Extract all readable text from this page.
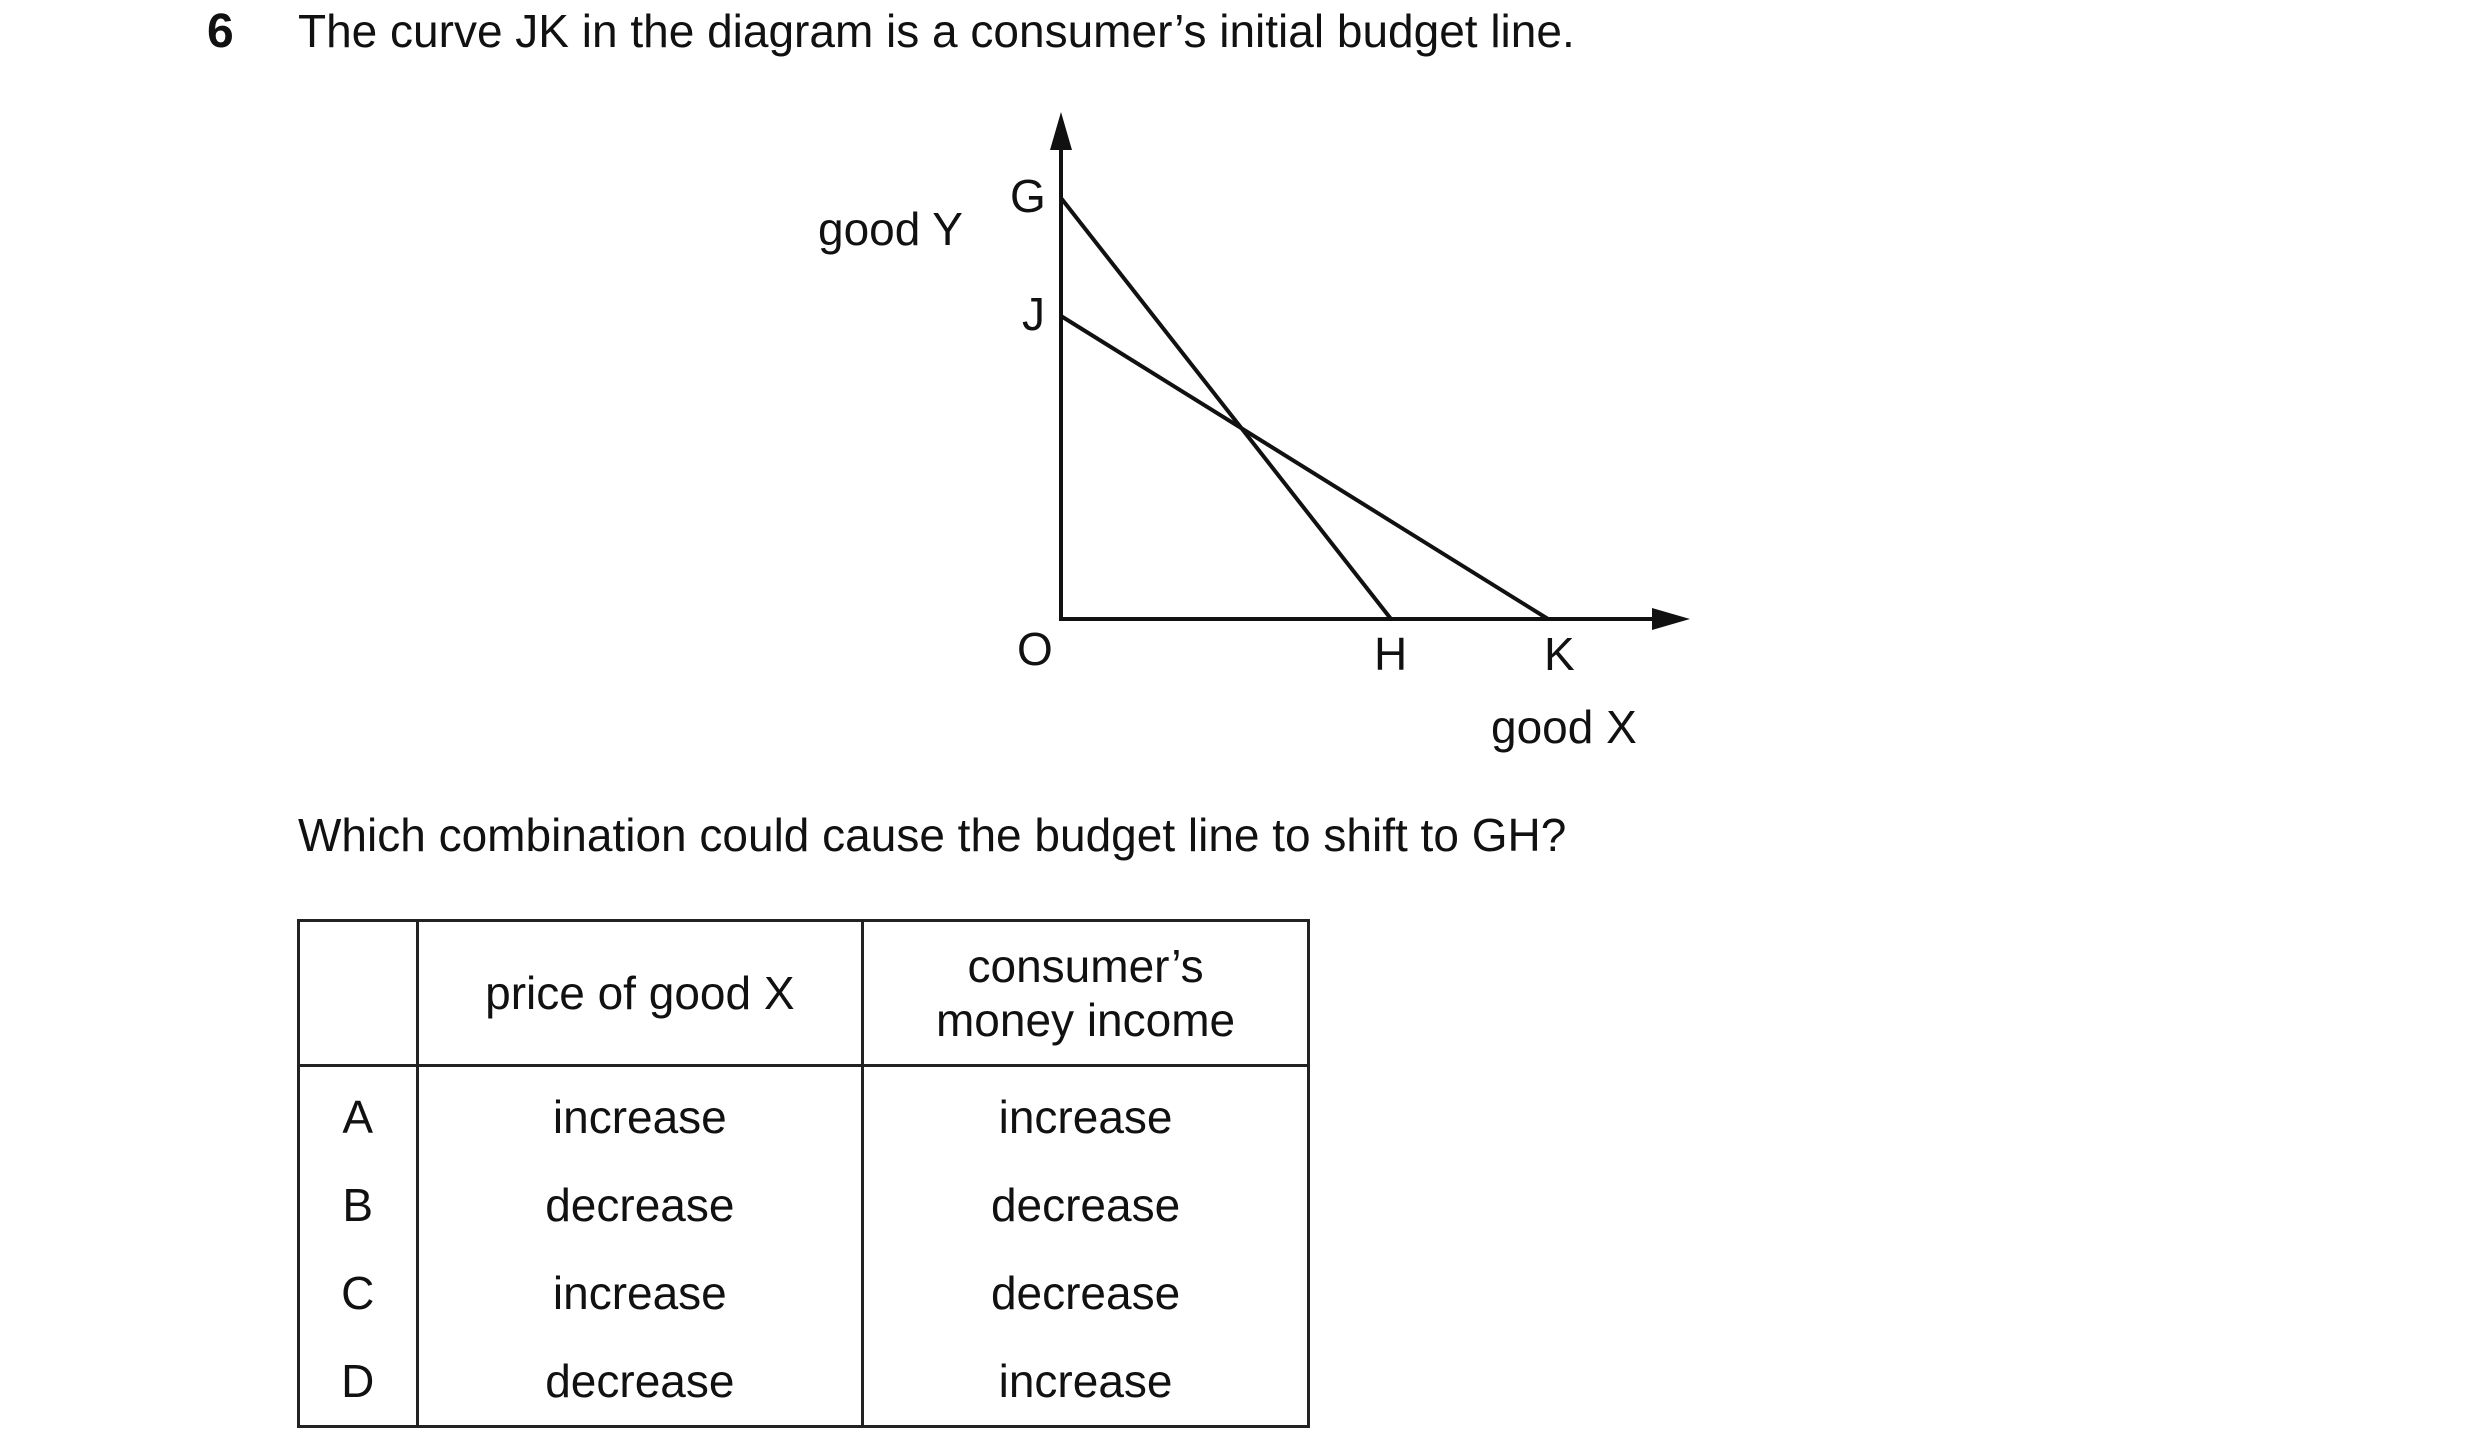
6 The curve JK in the diagram is a consumer’s initial budget line.
good Y
G
J
O	H	K
good X
Which combination could cause the budget line to shift to GH?
	price of good X	consumer’s
money income

A	increase	increase
B	decrease	decrease
C	increase	decrease
D	decrease	increase
